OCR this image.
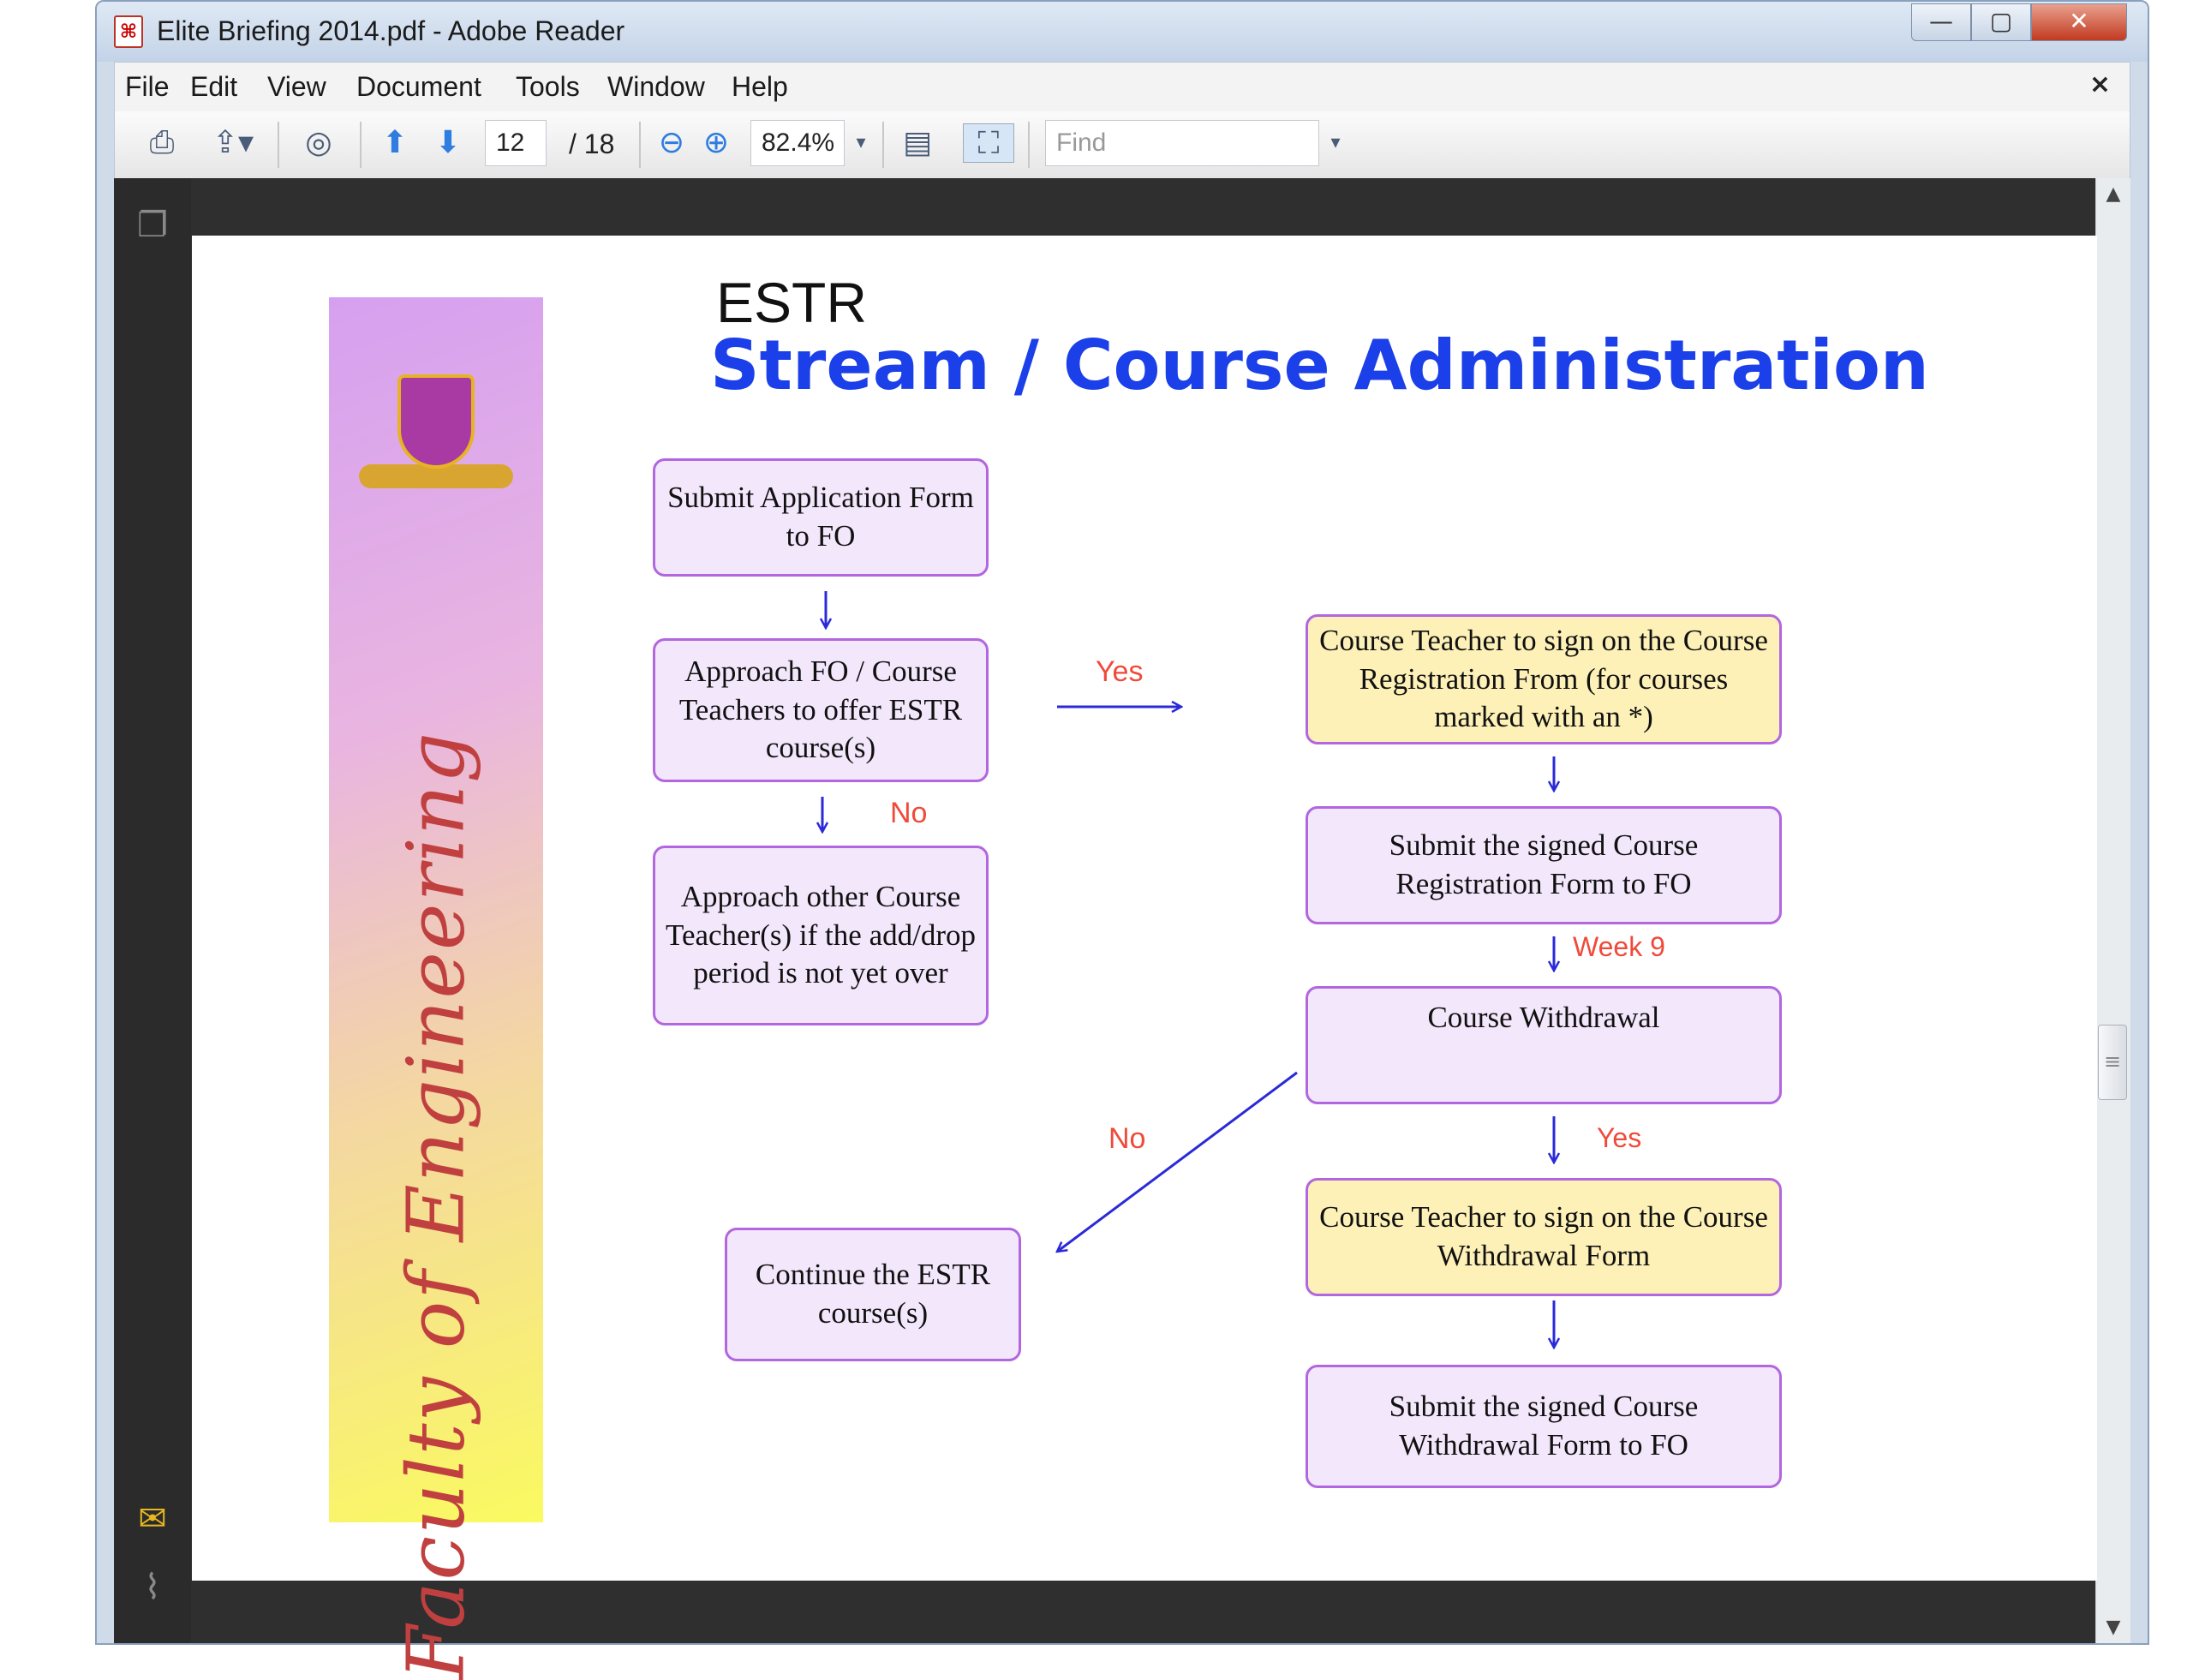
⌘ Elite Briefing 2014.pdf - Adobe Reader	—	▢	✕
File Edit View Document Tools Window Help	×
⎙ ⇪▾	◎	⬆ ⬇	12	/ 18 ⊖ ⊕	82.4%	▾ ▤	⛶	Find	▾
❐
✉
⌇
▲
≡
▼
Faculty of Engineering
ESTR
Stream / Course Administration
Submit Application Form to FO
Approach FO / Course Teachers to offer ESTR course(s)
Approach other Course Teacher(s) if the add/drop period is not yet over
Course Teacher to sign on the Course Registration From (for courses marked with an *)
Submit the signed Course Registration Form to FO
Course Withdrawal
Continue the ESTR course(s)
Course Teacher to sign on the Course Withdrawal Form
Submit the signed Course Withdrawal Form to FO
Yes
No
Week 9
Yes
No
